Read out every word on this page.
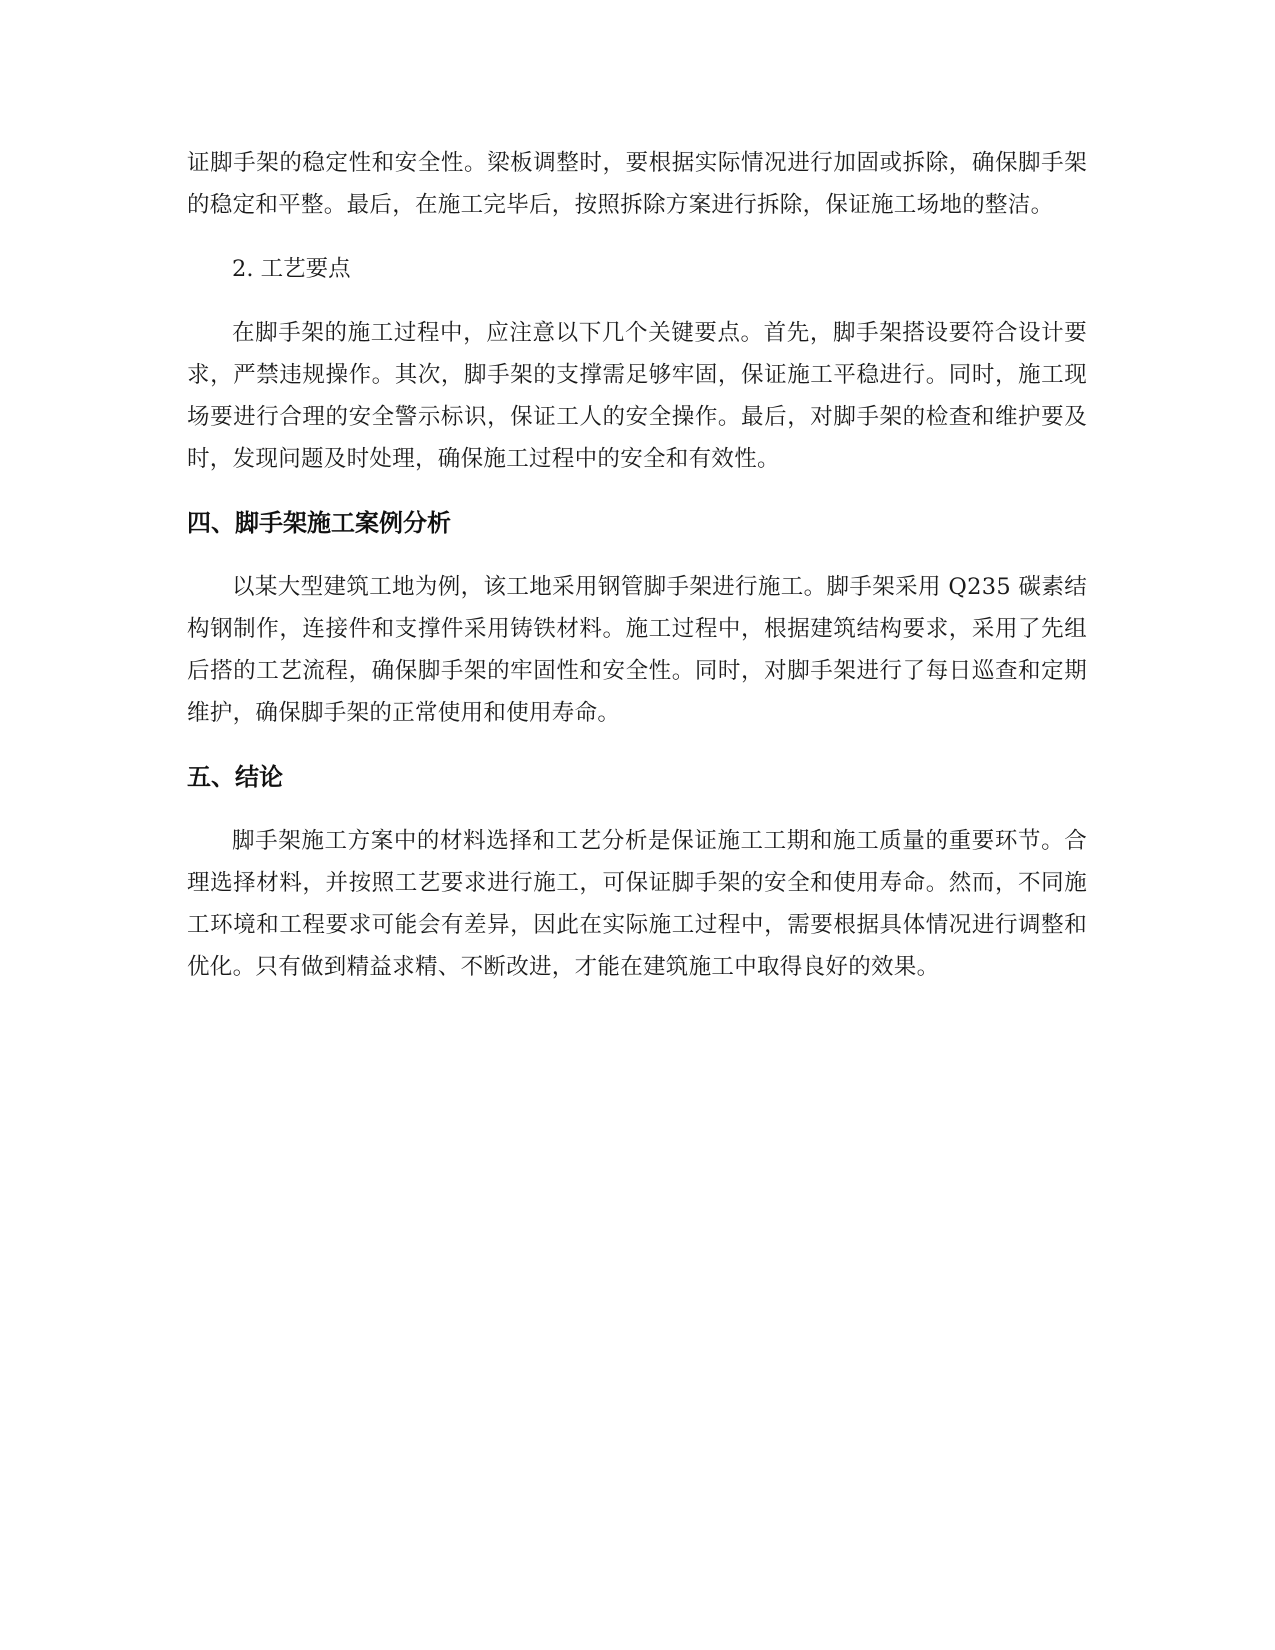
证脚手架的稳定性和安全性。梁板调整时，要根据实际情况进行加固或拆除，确保脚手架的稳定和平整。最后，在施工完毕后，按照拆除方案进行拆除，保证施工场地的整洁。

2. 工艺要点

在脚手架的施工过程中，应注意以下几个关键要点。首先，脚手架搭设要符合设计要求，严禁违规操作。其次，脚手架的支撑需足够牢固，保证施工平稳进行。同时，施工现场要进行合理的安全警示标识，保证工人的安全操作。最后，对脚手架的检查和维护要及时，发现问题及时处理，确保施工过程中的安全和有效性。

四、脚手架施工案例分析

以某大型建筑工地为例，该工地采用钢管脚手架进行施工。脚手架采用 Q235 碳素结构钢制作，连接件和支撑件采用铸铁材料。施工过程中，根据建筑结构要求，采用了先组后搭的工艺流程，确保脚手架的牢固性和安全性。同时，对脚手架进行了每日巡查和定期维护，确保脚手架的正常使用和使用寿命。

五、结论

脚手架施工方案中的材料选择和工艺分析是保证施工工期和施工质量的重要环节。合理选择材料，并按照工艺要求进行施工，可保证脚手架的安全和使用寿命。然而，不同施工环境和工程要求可能会有差异，因此在实际施工过程中，需要根据具体情况进行调整和优化。只有做到精益求精、不断改进，才能在建筑施工中取得良好的效果。
